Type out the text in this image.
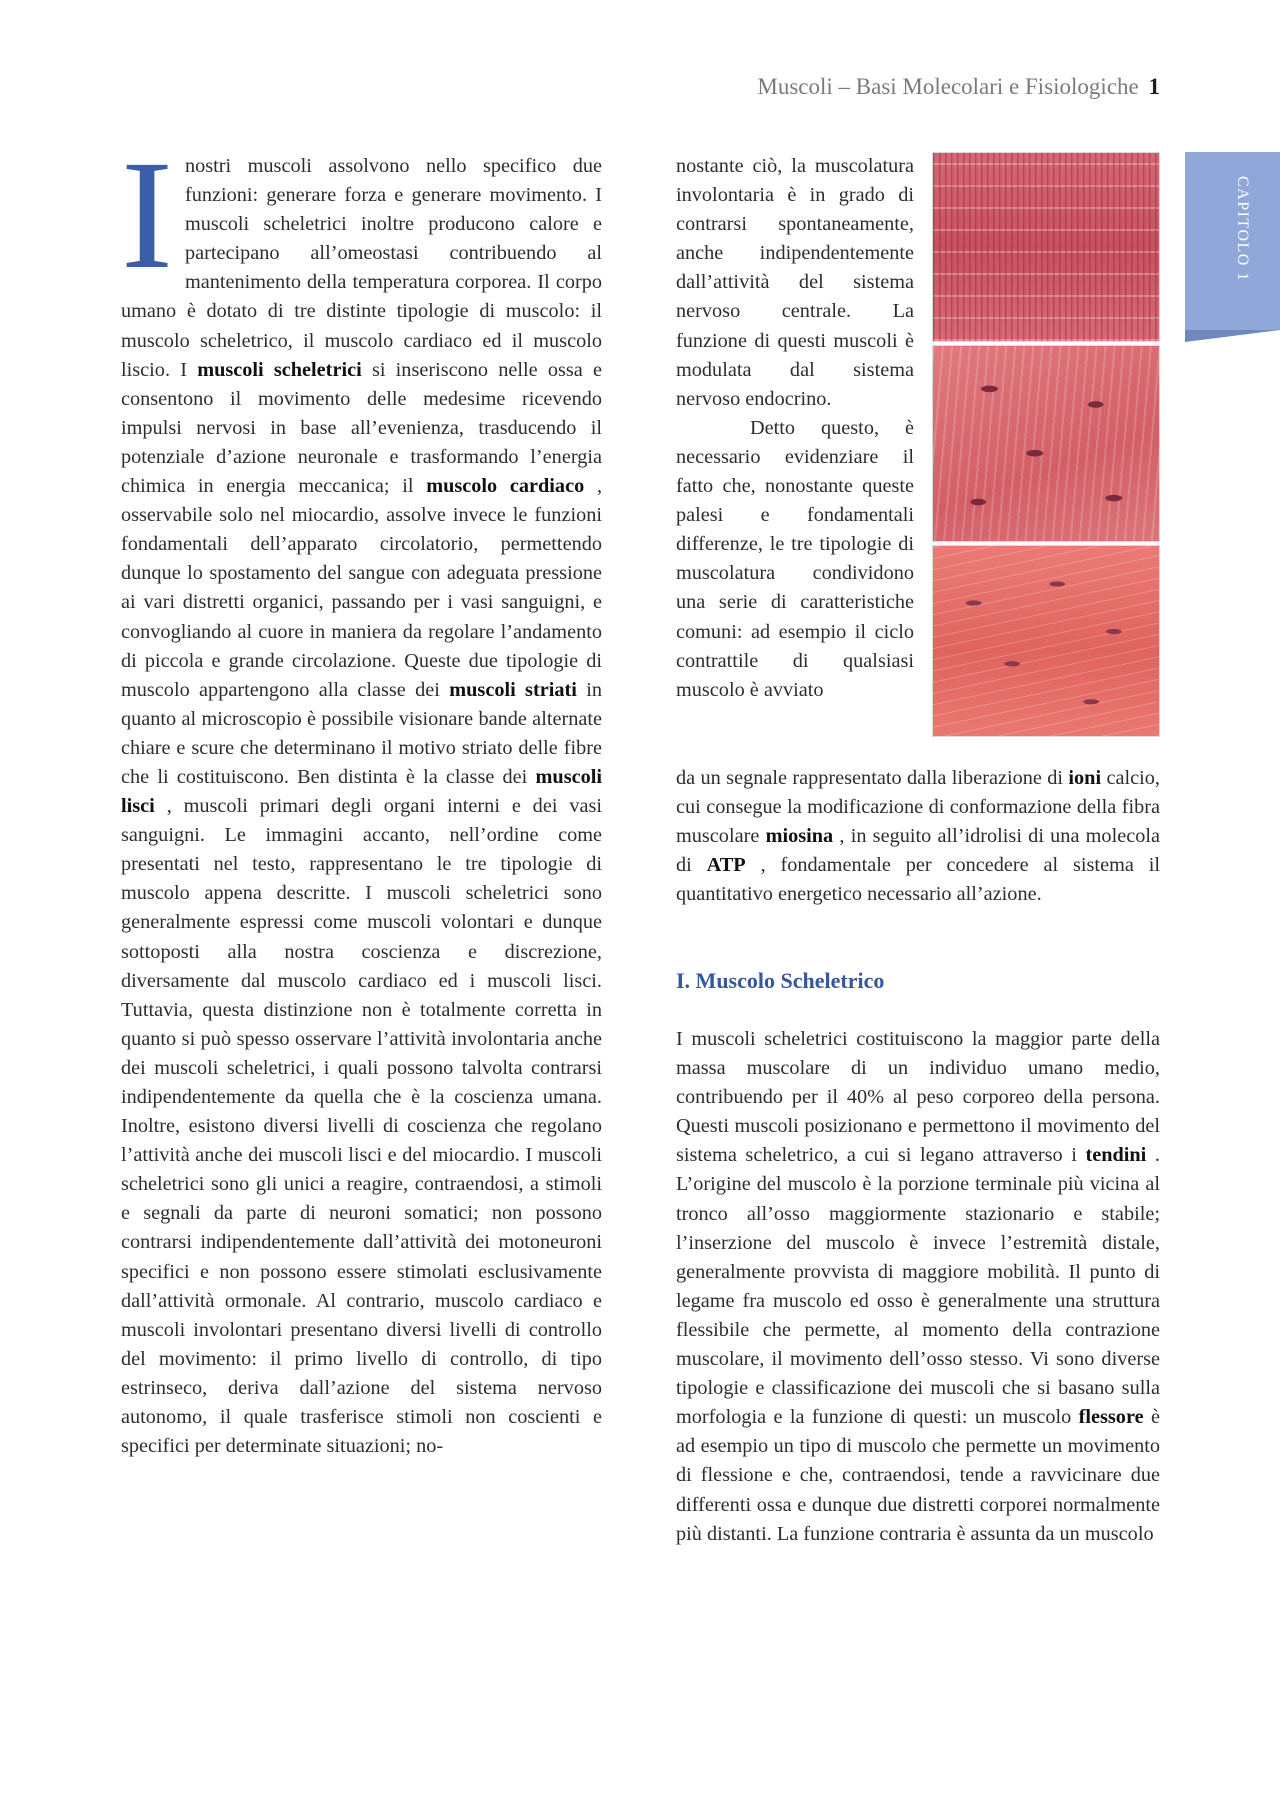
Muscoli – Basi Molecolari e Fisiologiche 1
CAPITOLO 1

I nostri muscoli assolvono nello specifico due funzioni: generare forza e generare movimento. I muscoli scheletrici inoltre producono calore e partecipano all’omeostasi contribuendo al mantenimento della temperatura corporea. Il corpo umano è dotato di tre distinte tipologie di muscolo: il muscolo scheletrico, il muscolo cardiaco ed il muscolo liscio. I muscoli scheletrici si inseriscono nelle ossa e consentono il movimento delle medesime ricevendo impulsi nervosi in base all’evenienza, trasducendo il potenziale d’azione neuronale e trasformando l’energia chimica in energia meccanica; il muscolo cardiaco , osservabile solo nel miocardio, assolve invece le funzioni fondamentali dell’apparato circolatorio, permettendo dunque lo spostamento del sangue con adeguata pressione ai vari distretti organici, passando per i vasi sanguigni, e convogliando al cuore in maniera da regolare l’andamento di piccola e grande circolazione. Queste due tipologie di muscolo appartengono alla classe dei muscoli striati in quanto al microscopio è possibile visionare bande alternate chiare e scure che determinano il motivo striato delle fibre che li costituiscono. Ben distinta è la classe dei muscoli lisci , muscoli primari degli organi interni e dei vasi sanguigni. Le immagini accanto, nell’ordine come presentati nel testo, rappresentano le tre tipologie di muscolo appena descritte. I muscoli scheletrici sono generalmente espressi come muscoli volontari e dunque sottoposti alla nostra coscienza e discrezione, diversamente dal muscolo cardiaco ed i muscoli lisci. Tuttavia, questa distinzione non è totalmente corretta in quanto si può spesso osservare l’attività involontaria anche dei muscoli scheletrici, i quali possono talvolta contrarsi indipendentemente da quella che è la coscienza umana. Inoltre, esistono diversi livelli di coscienza che regolano l’attività anche dei muscoli lisci e del miocardio. I muscoli scheletrici sono gli unici a reagire, contraendosi, a stimoli e segnali da parte di neuroni somatici; non possono contrarsi indipendentemente dall’attività dei motoneuroni specifici e non possono essere stimolati esclusivamente dall’attività ormonale. Al contrario, muscolo cardiaco e muscoli involontari presentano diversi livelli di controllo del movimento: il primo livello di controllo, di tipo estrinseco, deriva dall’azione del sistema nervoso autonomo, il quale trasferisce stimoli non coscienti e specifici per determinate situazioni; no-

nostante ciò, la muscolatura involontaria è in grado di contrarsi spontaneamente, anche indipendentemente dall’attività del sistema nervoso centrale. La funzione di questi muscoli è modulata dal sistema nervoso endocrino.

Detto questo, è necessario evidenziare il fatto che, nonostante queste palesi e fondamentali differenze, le tre tipologie di muscolatura condividono una serie di caratteristiche comuni: ad esempio il ciclo contrattile di qualsiasi muscolo è avviato

da un segnale rappresentato dalla liberazione di ioni calcio, cui consegue la modificazione di conformazione della fibra muscolare miosina , in seguito all’idrolisi di una molecola di ATP , fondamentale per concedere al sistema il quantitativo energetico necessario all’azione.

I. Muscolo Scheletrico

I muscoli scheletrici costituiscono la maggior parte della massa muscolare di un individuo umano medio, contribuendo per il 40% al peso corporeo della persona. Questi muscoli posizionano e permettono il movimento del sistema scheletrico, a cui si legano attraverso i tendini . L’origine del muscolo è la porzione terminale più vicina al tronco all’osso maggiormente stazionario e stabile; l’inserzione del muscolo è invece l’estremità distale, generalmente provvista di maggiore mobilità. Il punto di legame fra muscolo ed osso è generalmente una struttura flessibile che permette, al momento della contrazione muscolare, il movimento dell’osso stesso. Vi sono diverse tipologie e classificazione dei muscoli che si basano sulla morfologia e la funzione di questi: un muscolo flessore è ad esempio un tipo di muscolo che permette un movimento di flessione e che, contraendosi, tende a ravvicinare due differenti ossa e dunque due distretti corporei normalmente più distanti. La funzione contraria è assunta da un muscolo
